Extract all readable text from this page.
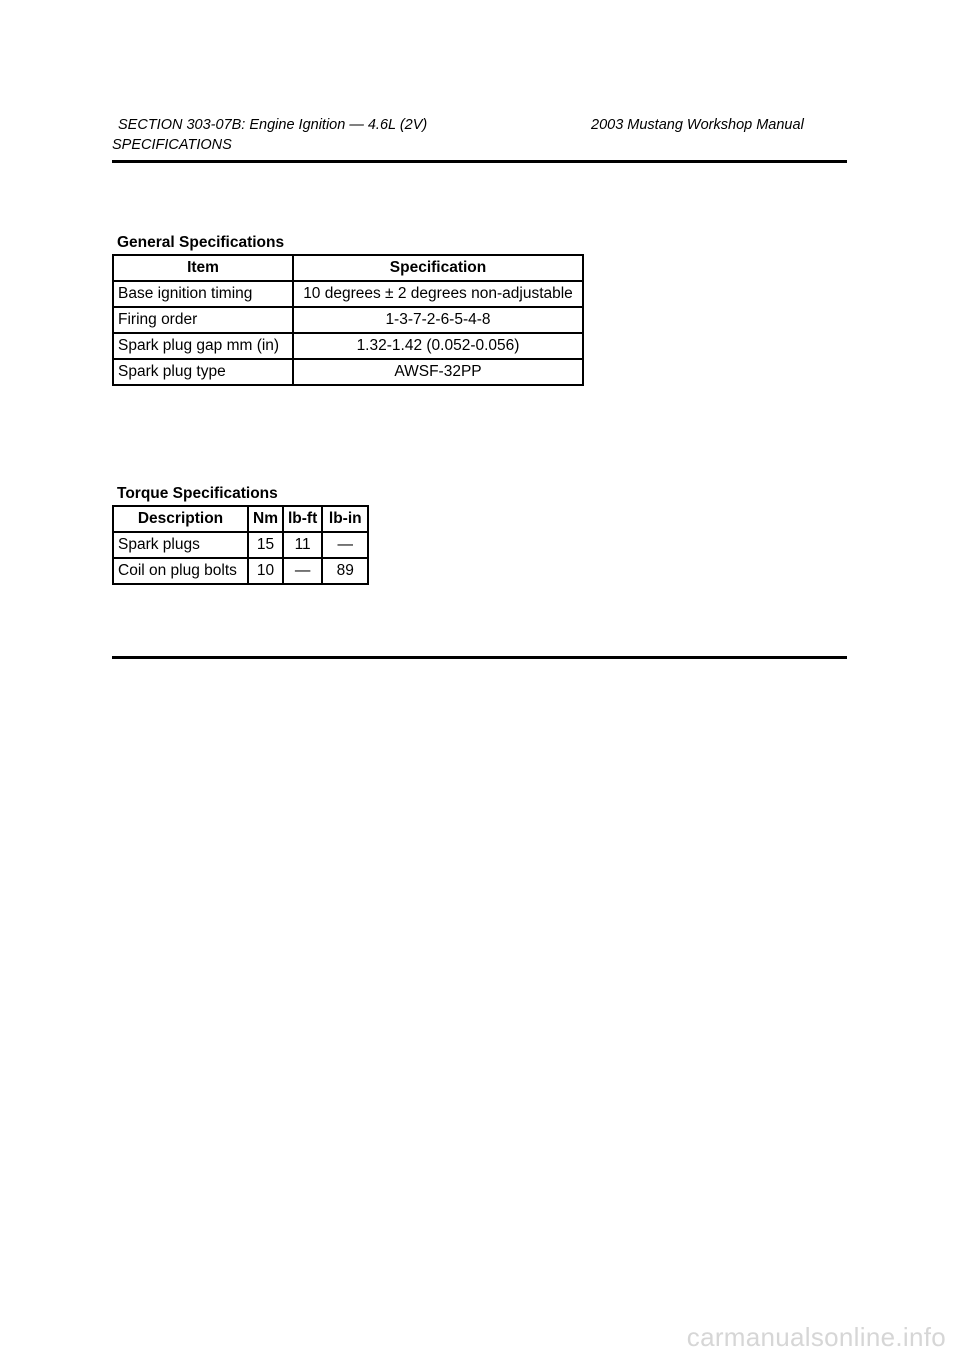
SECTION 303-07B: Engine Ignition — 4.6L (2V)	2003 Mustang Workshop Manual
SPECIFICATIONS
General Specifications
Item	Specification
Base ignition timing	10 degrees ± 2 degrees non-adjustable
Firing order	1-3-7-2-6-5-4-8
Spark plug gap mm (in)	1.32-1.42 (0.052-0.056)
Spark plug type	AWSF-32PP
Torque Specifications
Description	Nm	lb-ft	lb-in
Spark plugs	15	11	—
Coil on plug bolts	10	—	89
carmanualsonline.info
